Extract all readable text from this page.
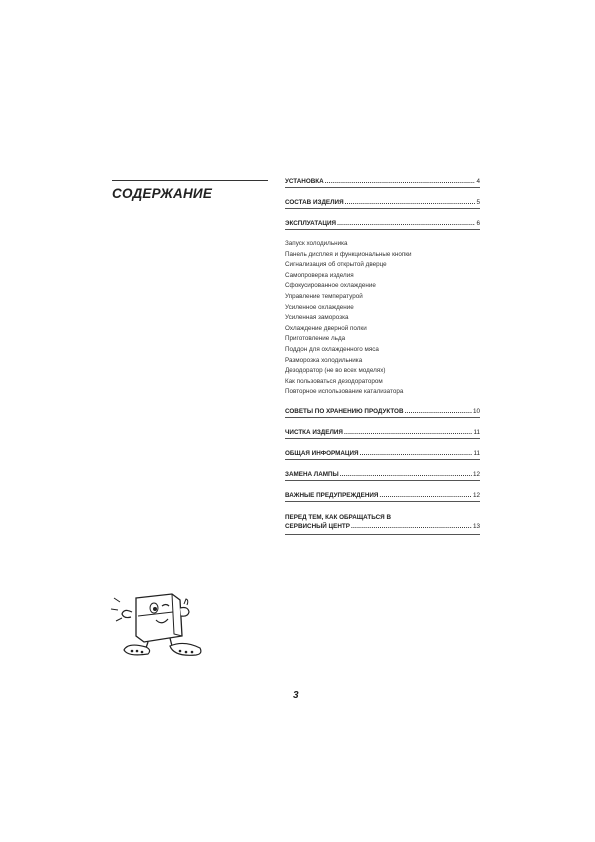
СОДЕРЖАНИЕ
УСТАНОВКА .....	4
СОСТАВ ИЗДЕЛИЯ .....	5
ЭКСПЛУАТАЦИЯ .....	6
Запуск холодильника
Панель дисплея и функциональные кнопки
Сигнализация об открытой дверце
Самопроверка изделия
Сфокусированное охлаждение
Управление температурой
Усиленное охлаждение
Усиленная заморозка
Охлаждение дверной полки
Приготовление льда
Поддон для охлажденного мяса
Разморозка холодильника
Дезодоратор (не во всех моделях)
Как пользоваться дезодоратором
Повторное использование катализатора
СОВЕТЫ ПО ХРАНЕНИЮ ПРОДУКТОВ .....	10
ЧИСТКА ИЗДЕЛИЯ .....	11
ОБЩАЯ ИНФОРМАЦИЯ .....	11
ЗАМЕНА ЛАМПЫ .....	12
ВАЖНЫЕ ПРЕДУПРЕЖДЕНИЯ .....	12
ПЕРЕД ТЕМ, КАК ОБРАЩАТЬСЯ В
СЕРВИСНЫЙ ЦЕНТР .....	13
3
